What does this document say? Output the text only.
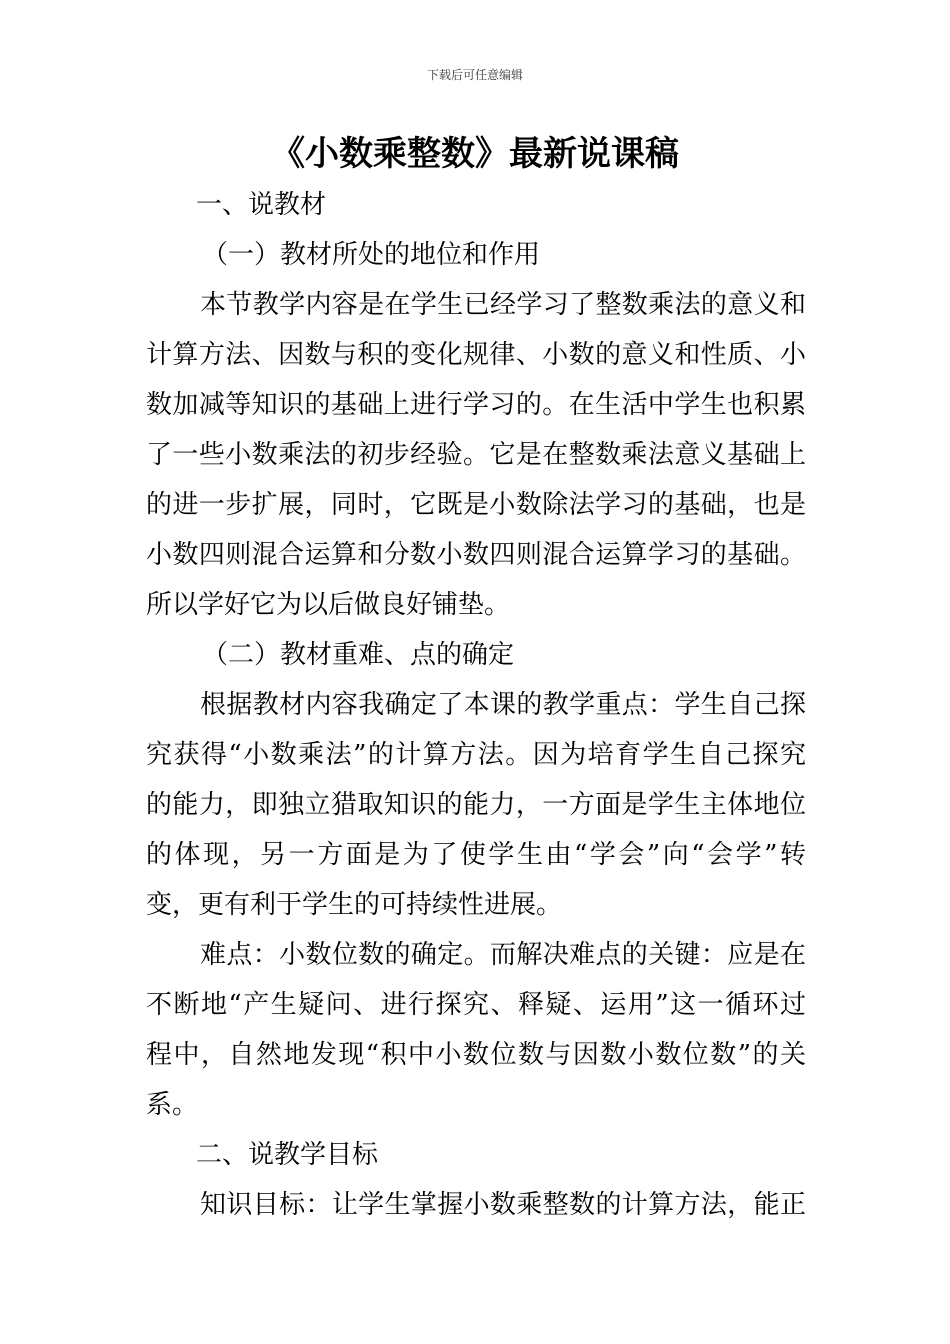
下载后可任意编辑
《小数乘整数》最新说课稿
一、说教材
（一）教材所处的地位和作用
本节教学内容是在学生已经学习了整数乘法的意义和
计算方法、因数与积的变化规律、小数的意义和性质、小
数加减等知识的基础上进行学习的。在生活中学生也积累
了一些小数乘法的初步经验。它是在整数乘法意义基础上
的进一步扩展，同时，它既是小数除法学习的基础，也是
小数四则混合运算和分数小数四则混合运算学习的基础。
所以学好它为以后做良好铺垫。
（二）教材重难、点的确定
根据教材内容我确定了本课的教学重点：学生自己探
究获得“小数乘法”的计算方法。因为培育学生自己探究
的能力，即独立猎取知识的能力，一方面是学生主体地位
的体现，另一方面是为了使学生由“学会”向“会学”转
变，更有利于学生的可持续性进展。
难点：小数位数的确定。而解决难点的关键：应是在
不断地“产生疑问、进行探究、释疑、运用”这一循环过
程中，自然地发现“积中小数位数与因数小数位数”的关
系。
二、说教学目标
知识目标：让学生掌握小数乘整数的计算方法，能正
